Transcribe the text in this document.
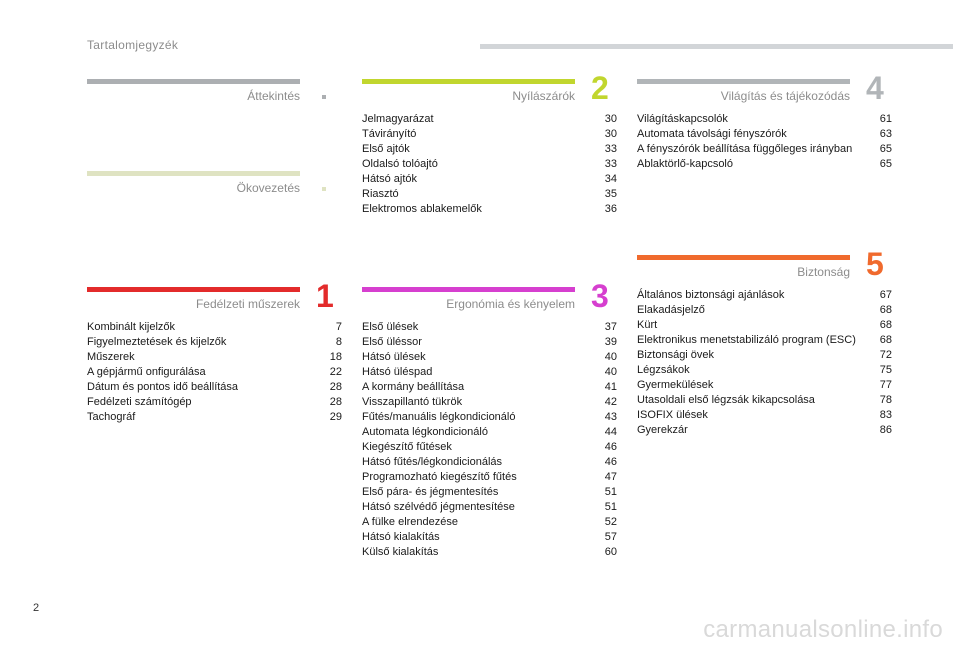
Tartalomjegyzék
Áttekintés
Ökovezetés
Fedélzeti műszerek 1
Kombinált kijelzők	7
Figyelmeztetések és kijelzők	8
Műszerek	18
A gépjármű onfigurálása	22
Dátum és pontos idő beállítása	28
Fedélzeti számítógép	28
Tachográf	29
Nyílászárók 2
Jelmagyarázat	30
Távirányító	30
Első ajtók	33
Oldalsó tolóajtó	33
Hátsó ajtók	34
Riasztó	35
Elektromos ablakemelők	36
Ergonómia és kényelem 3
Első ülések	37
Első üléssor	39
Hátsó ülések	40
Hátsó üléspad	40
A kormány beállítása	41
Visszapillantó tükrök	42
Fűtés/manuális légkondicionáló	43
Automata légkondicionáló	44
Kiegészítő fűtések	46
Hátsó fűtés/légkondicionálás	46
Programozható kiegészítő fűtés	47
Első pára- és jégmentesítés	51
Hátsó szélvédő jégmentesítése	51
A fülke elrendezése	52
Hátsó kialakítás	57
Külső kialakítás	60
Világítás és tájékozódás 4
Világításkapcsolók	61
Automata távolsági fényszórók	63
A fényszórók beállítása függőleges irányban	65
Ablaktörlő-kapcsoló	65
Biztonság 5
Általános biztonsági ajánlások	67
Elakadásjelző	68
Kürt	68
Elektronikus menetstabilizáló program (ESC)	68
Biztonsági övek	72
Légzsákok	75
Gyermekülések	77
Utasoldali első légzsák kikapcsolása	78
ISOFIX ülések	83
Gyerekzár	86
2
carmanualsonline.info
